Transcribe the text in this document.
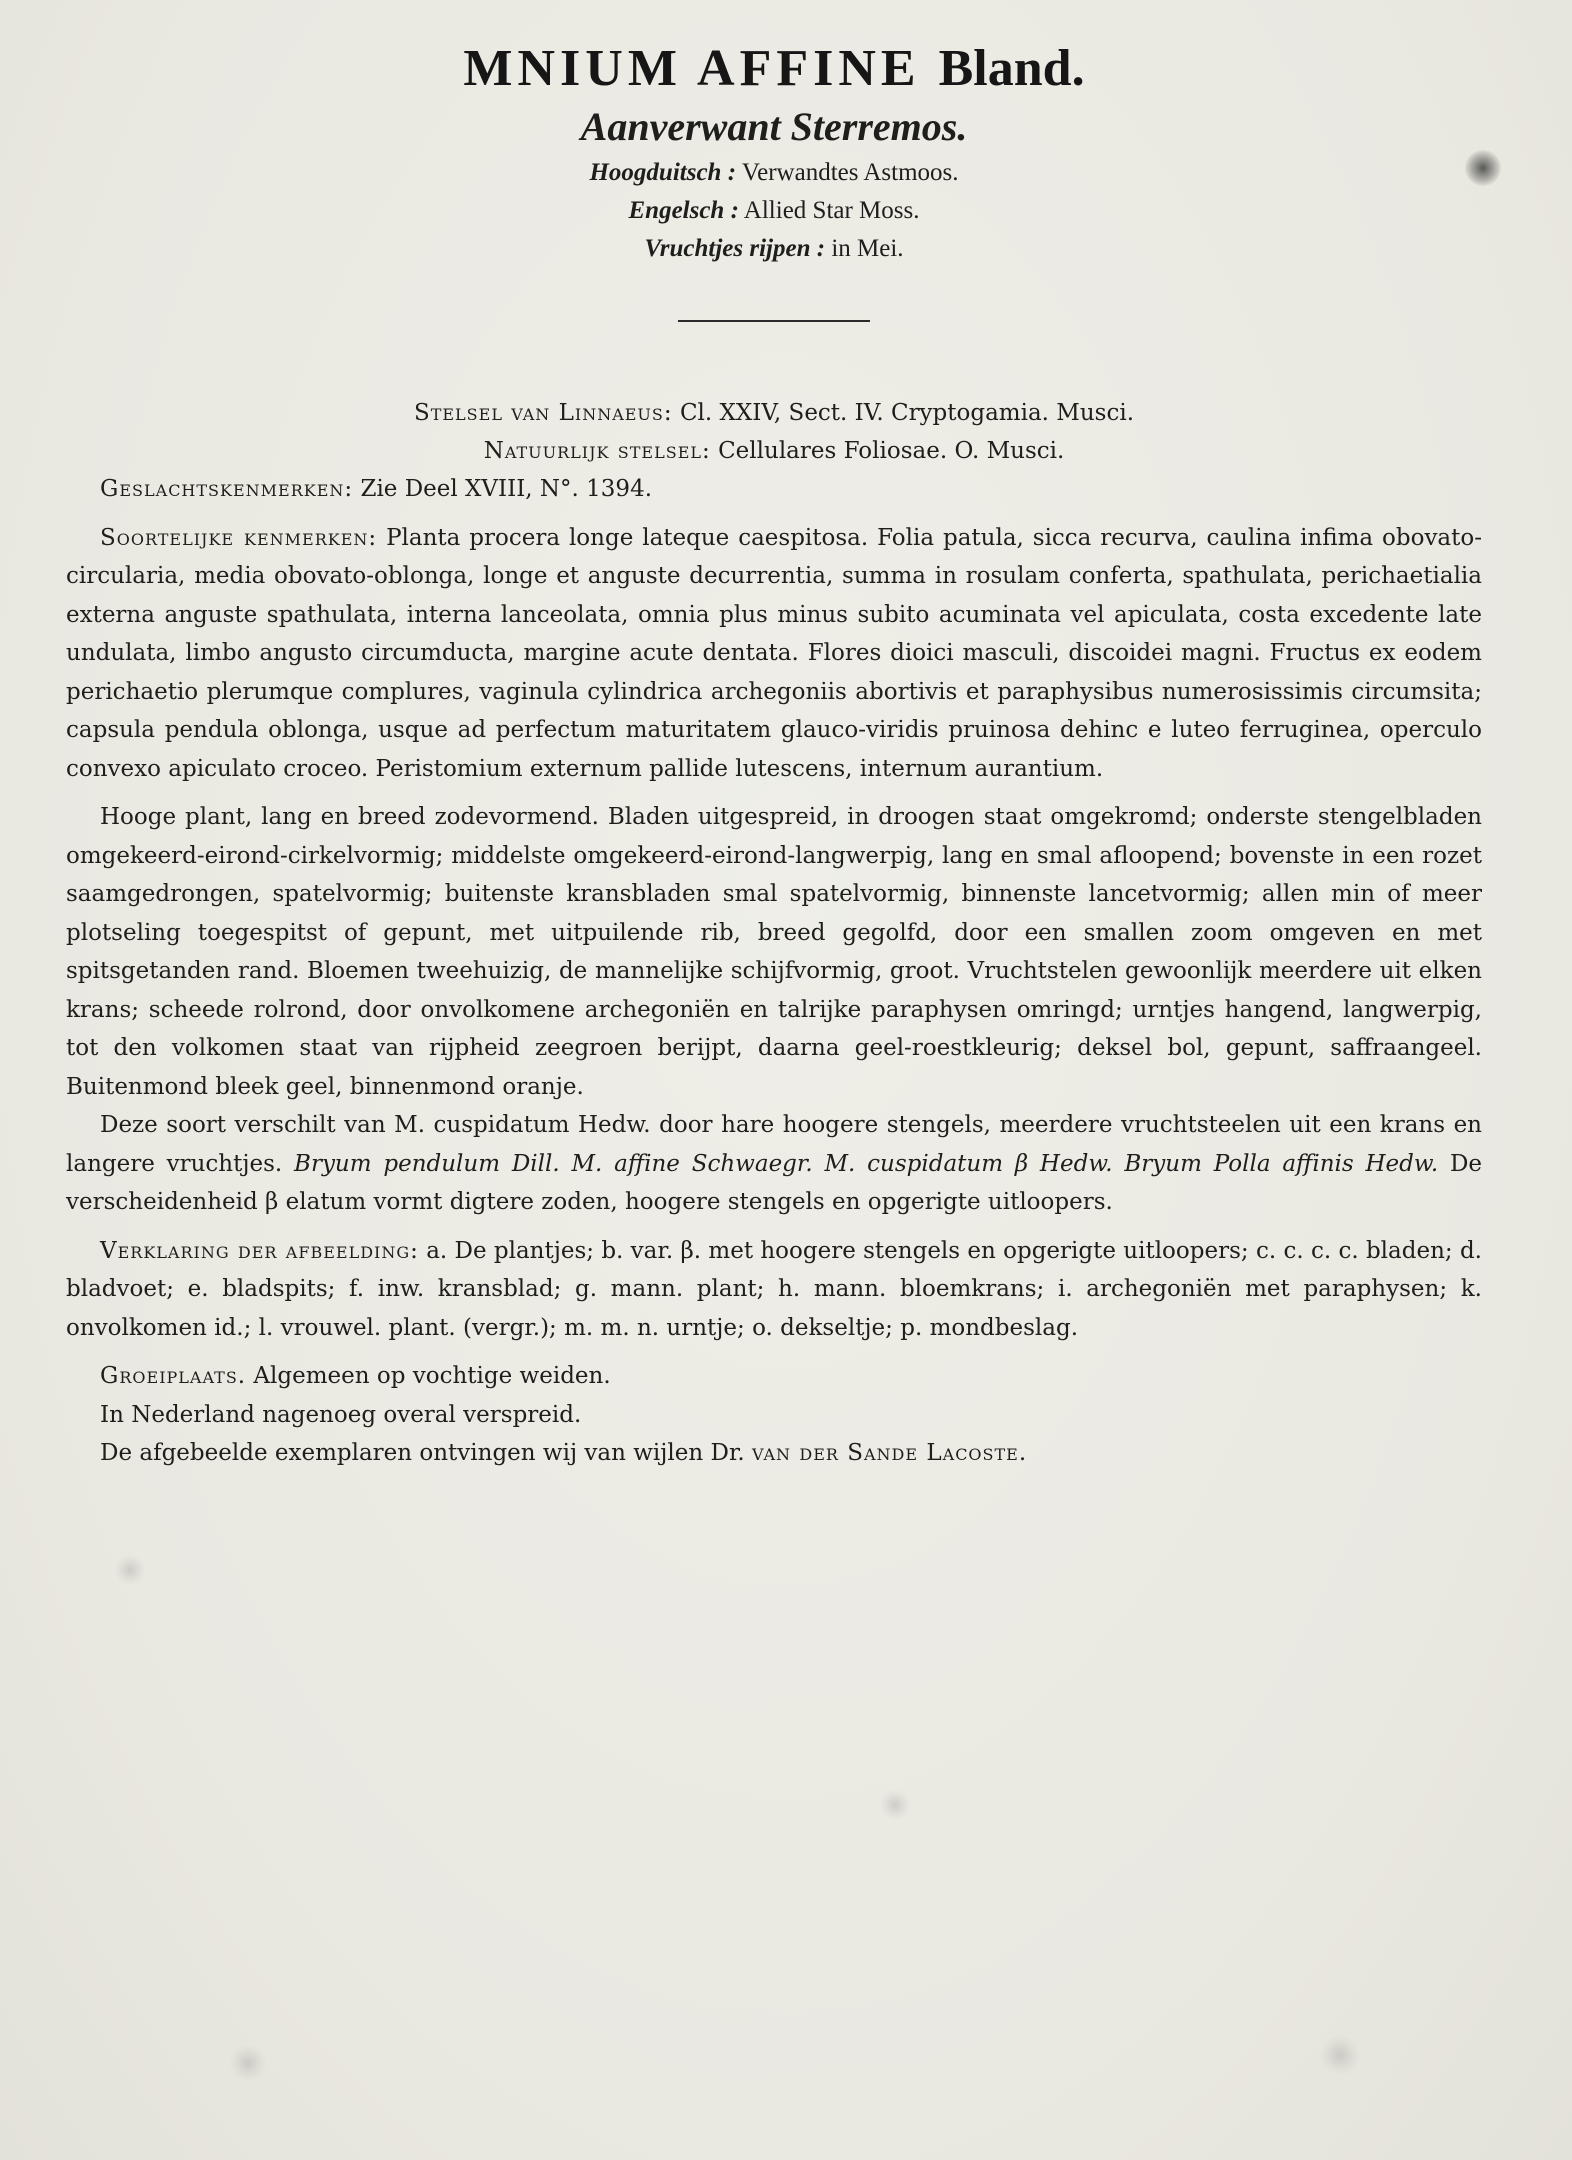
MNIUM AFFINE Bland.

Aanverwant Sterremos.

Hoogduitsch : Verwandtes Astmoos.

Engelsch : Allied Star Moss.

Vruchtjes rijpen : in Mei.

Stelsel van Linnaeus: Cl. XXIV, Sect. IV. Cryptogamia. Musci.

Natuurlijk stelsel: Cellulares Foliosae. O. Musci.

Geslachtskenmerken: Zie Deel XVIII, N°. 1394.

Soortelijke kenmerken: Planta procera longe lateque caespitosa. Folia patula, sicca recurva, caulina infima obovato-circularia, media obovato-oblonga, longe et anguste decurrentia, summa in rosulam conferta, spathulata, perichaetialia externa anguste spathulata, interna lanceolata, omnia plus minus subito acuminata vel apiculata, costa excedente late undulata, limbo angusto circumducta, margine acute dentata. Flores dioici masculi, discoidei magni. Fructus ex eodem perichaetio plerumque complures, vaginula cylindrica archegoniis abortivis et paraphysibus numerosissimis circumsita; capsula pendula oblonga, usque ad perfectum maturitatem glauco-viridis pruinosa dehinc e luteo ferruginea, operculo convexo apiculato croceo. Peristomium externum pallide lutescens, internum aurantium.

Hooge plant, lang en breed zodevormend. Bladen uitgespreid, in droogen staat omgekromd; onderste stengelbladen omgekeerd-eirond-cirkelvormig; middelste omgekeerd-eirond-langwerpig, lang en smal afloopend; bovenste in een rozet saamgedrongen, spatelvormig; buitenste kransbladen smal spatelvormig, binnenste lancetvormig; allen min of meer plotseling toegespitst of gepunt, met uitpuilende rib, breed gegolfd, door een smallen zoom omgeven en met spitsgetanden rand. Bloemen tweehuizig, de mannelijke schijfvormig, groot. Vruchtstelen gewoonlijk meerdere uit elken krans; scheede rolrond, door onvolkomene archegoniën en talrijke paraphysen omringd; urntjes hangend, langwerpig, tot den volkomen staat van rijpheid zeegroen berijpt, daarna geel-roestkleurig; deksel bol, gepunt, saffraangeel. Buitenmond bleek geel, binnenmond oranje.

Deze soort verschilt van M. cuspidatum Hedw. door hare hoogere stengels, meerdere vruchtsteelen uit een krans en langere vruchtjes. Bryum pendulum Dill. M. affine Schwaegr. M. cuspidatum β Hedw. Bryum Polla affinis Hedw. De verscheidenheid β elatum vormt digtere zoden, hoogere stengels en opgerigte uitloopers.

Verklaring der afbeelding: a. De plantjes; b. var. β. met hoogere stengels en opgerigte uitloopers; c. c. c. c. bladen; d. bladvoet; e. bladspits; f. inw. kransblad; g. mann. plant; h. mann. bloemkrans; i. archegoniën met paraphysen; k. onvolkomen id.; l. vrouwel. plant. (vergr.); m. m. n. urntje; o. dekseltje; p. mondbeslag.

Groeiplaats. Algemeen op vochtige weiden.

In Nederland nagenoeg overal verspreid.

De afgebeelde exemplaren ontvingen wij van wijlen Dr. van der Sande Lacoste.
